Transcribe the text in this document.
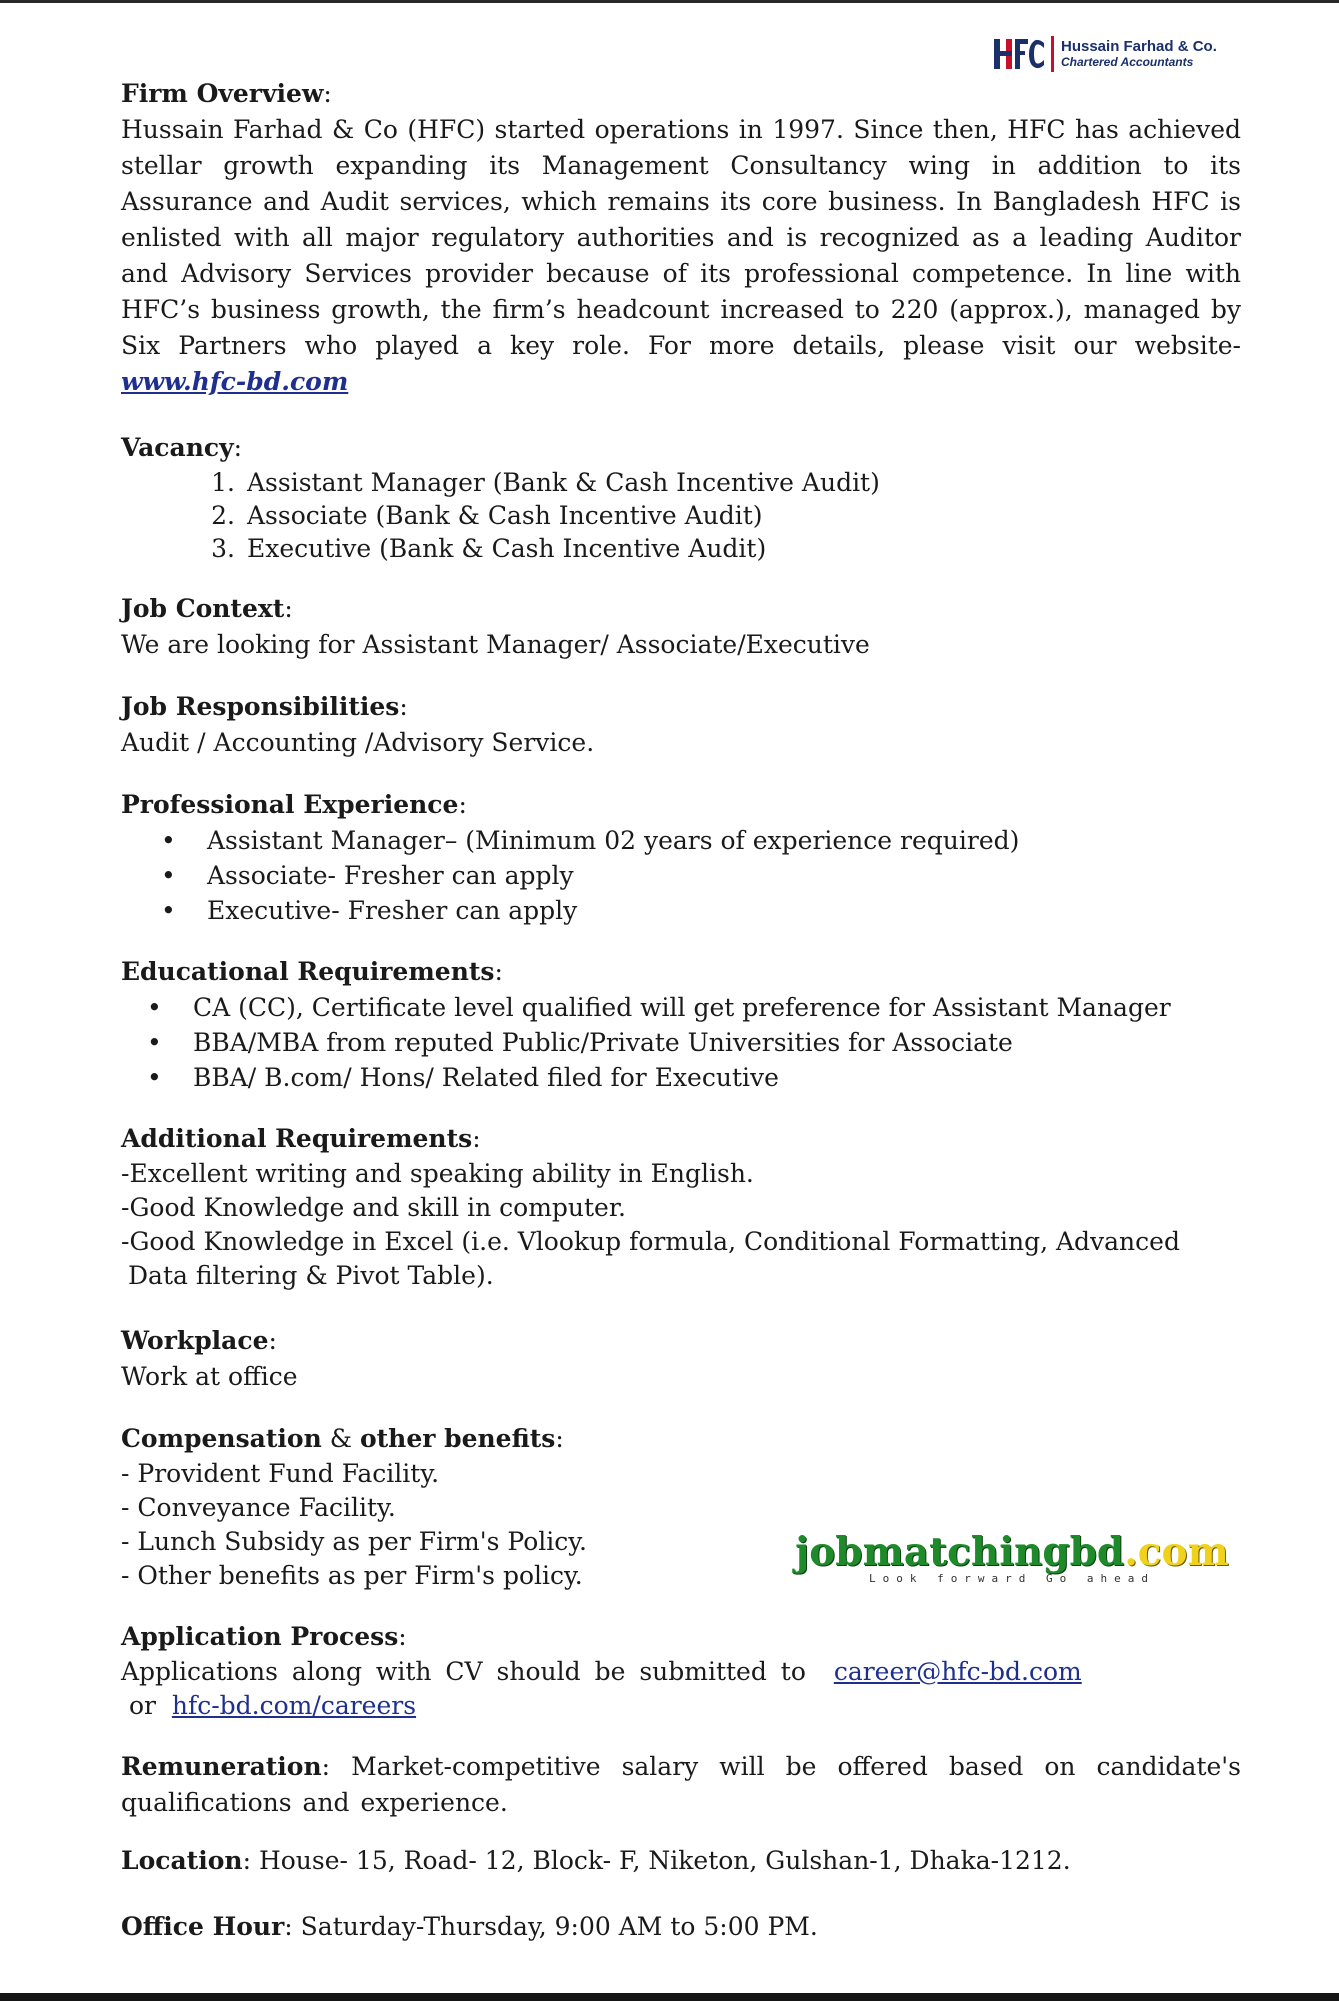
Hussain Farhad & Co.
Chartered Accountants
Firm Overview:

Hussain Farhad & Co (HFC) started operations in 1997. Since then, HFC has achieved stellar growth expanding its Management Consultancy wing in addition to its Assurance and Audit services, which remains its core business. In Bangladesh HFC is enlisted with all major regulatory authorities and is recognized as a leading Auditor and Advisory Services provider because of its professional competence. In line with HFC’s business growth, the firm’s headcount increased to 220 (approx.), managed by Six Partners who played a key role. For more details, please visit our website- www.hfc-bd.com

Vacancy:
1. Assistant Manager (Bank & Cash Incentive Audit)
2. Associate (Bank & Cash Incentive Audit)
3. Executive (Bank & Cash Incentive Audit)
Job Context:

We are looking for Assistant Manager/ Associate/Executive

Job Responsibilities:

Audit / Accounting /Advisory Service.

Professional Experience:
• Assistant Manager– (Minimum 02 years of experience required)
• Associate- Fresher can apply
• Executive- Fresher can apply
Educational Requirements:
• CA (CC), Certificate level qualified will get preference for Assistant Manager
• BBA/MBA from reputed Public/Private Universities for Associate
• BBA/ B.com/ Hons/ Related filed for Executive
Additional Requirements:
-Excellent writing and speaking ability in English.
-Good Knowledge and skill in computer.
-Good Knowledge in Excel (i.e. Vlookup formula, Conditional Formatting, Advanced
Data filtering & Pivot Table).
Workplace:

Work at office

Compensation & other benefits:
- Provident Fund Facility.
- Conveyance Facility.
- Lunch Subsidy as per Firm's Policy.
- Other benefits as per Firm's policy.
Application Process:
Applications along with CV should be submitted to career@hfc-bd.com
or hfc-bd.com/careers
Remuneration: Market-competitive salary will be offered based on candidate's qualifications and experience.
Location: House- 15, Road- 12, Block- F, Niketon, Gulshan-1, Dhaka-1212.
Office Hour: Saturday-Thursday, 9:00 AM to 5:00 PM.
jobmatchingbd.com
Look forward Go ahead
